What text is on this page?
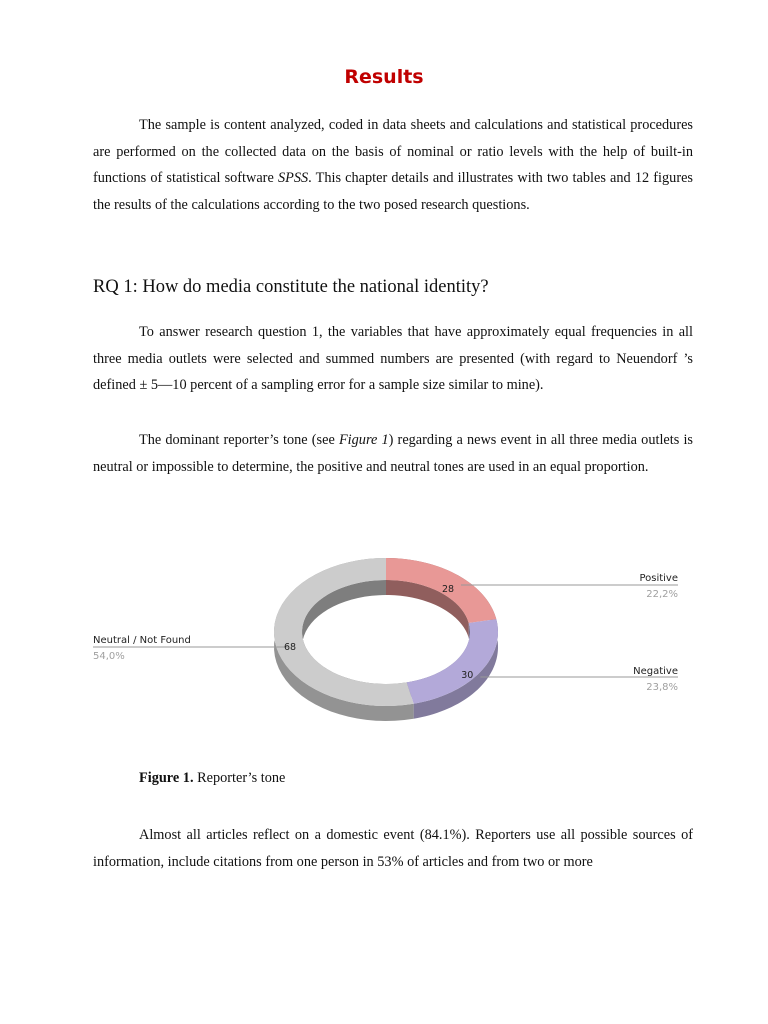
Results

The sample is content analyzed, coded in data sheets and calculations and statistical procedures are performed on the collected data on the basis of nominal or ratio levels with the help of built-in functions of statistical software SPSS. This chapter details and illustrates with two tables and 12 figures the results of the calculations according to the two posed research questions.

RQ 1: How do media constitute the national identity?

To answer research question 1, the variables that have approximately equal frequencies in all three media outlets were selected and summed numbers are presented (with regard to Neuendorf ’s defined ± 5—10 percent of a sampling error for a sample size similar to mine).

The dominant reporter’s tone (see Figure 1) regarding a news event in all three media outlets is neutral or impossible to determine, the positive and neutral tones are used in an equal proportion.

28
Positive
22,2%
30	Negative
23,8%
68
Neutral / Not Found
54,0%
Figure 1. Reporter’s tone

Almost all articles reflect on a domestic event (84.1%). Reporters use all possible sources of information, include citations from one person in 53% of articles and from two or more
